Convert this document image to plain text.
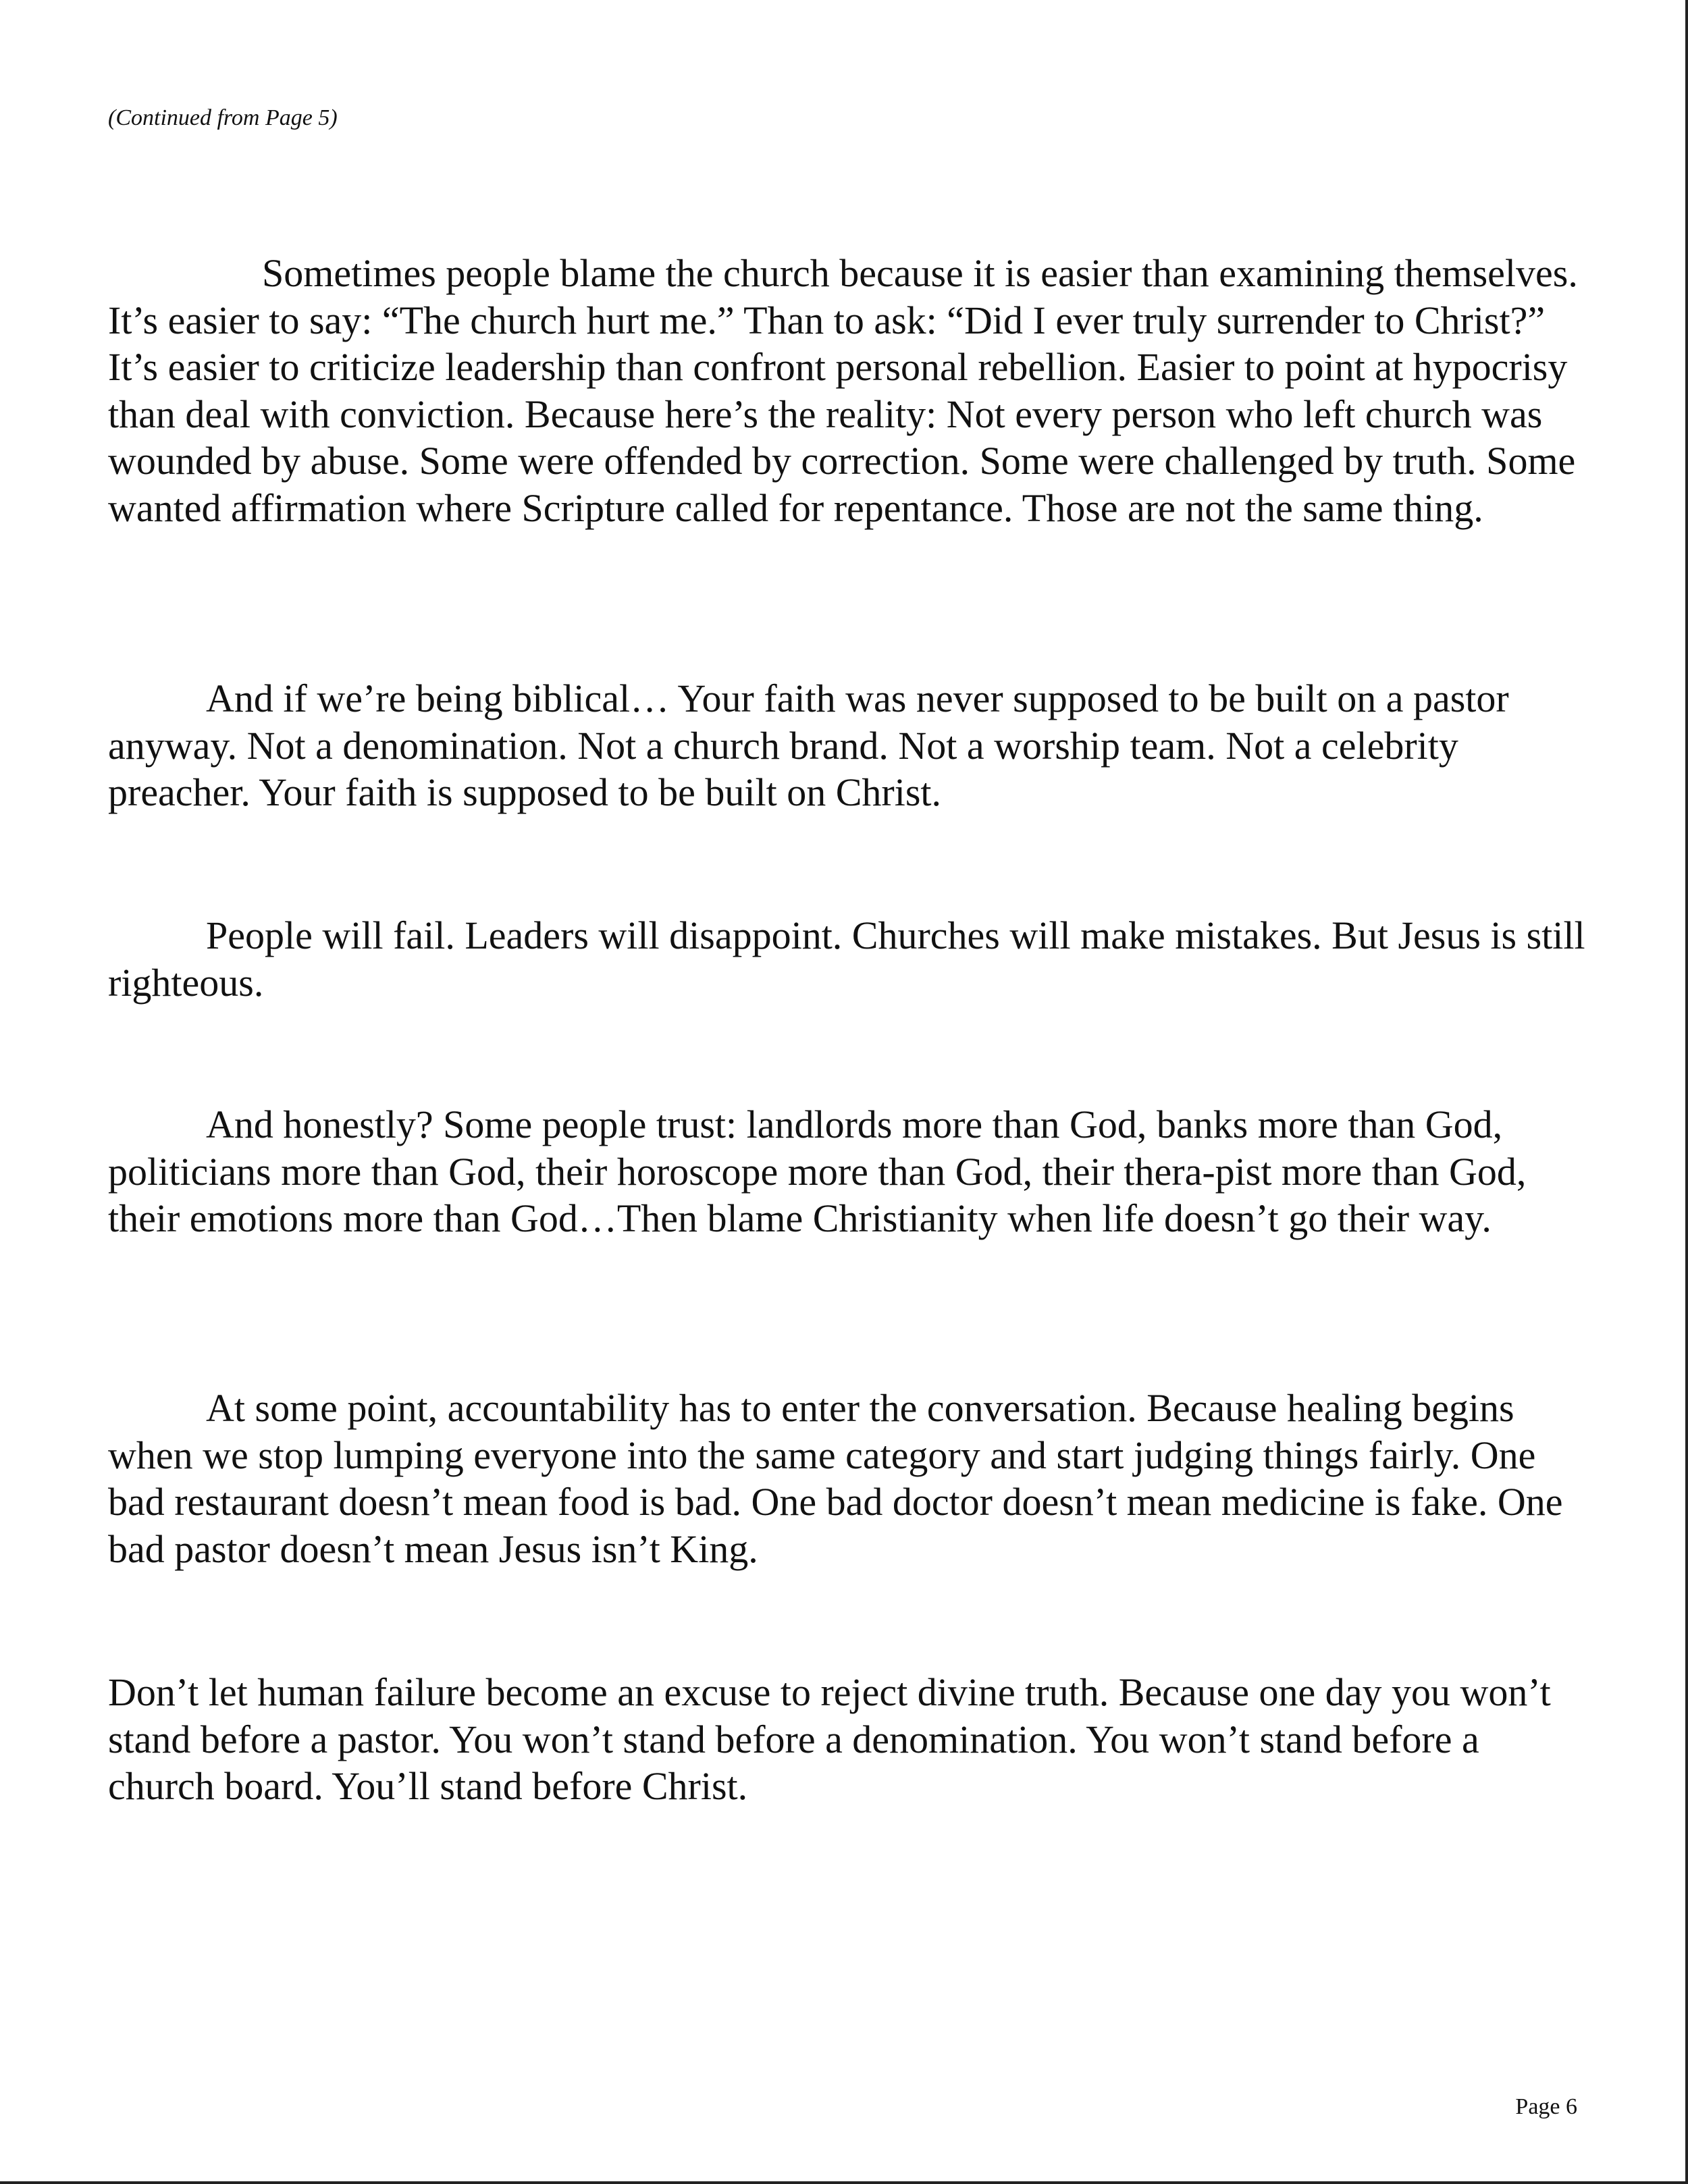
(Continued from Page 5)

Sometimes people blame the church because it is easier than examining themselves. It’s easier to say: “The church hurt me.” Than to ask: “Did I ever truly surrender to Christ?” It’s easier to criticize leadership than confront personal rebellion. Easier to point at hypocrisy than deal with conviction. Because here’s the reality: Not every person who left church was wounded by abuse. Some were offended by correction. Some were challenged by truth. Some wanted affirmation where Scripture called for repentance. Those are not the same thing.

And if we’re being biblical… Your faith was never supposed to be built on a pastor anyway. Not a denomination. Not a church brand. Not a worship team. Not a celebrity preacher. Your faith is supposed to be built on Christ.

People will fail. Leaders will disappoint. Churches will make mistakes. But Jesus is still righteous.

And honestly? Some people trust: landlords more than God, banks more than God, politicians more than God, their horoscope more than God, their thera-pist more than God, their emotions more than God…Then blame Christianity when life doesn’t go their way.

At some point, accountability has to enter the conversation. Because healing begins when we stop lumping everyone into the same category and start judging things fairly. One bad restaurant doesn’t mean food is bad. One bad doctor doesn’t mean medicine is fake. One bad pastor doesn’t mean Jesus isn’t King.

Don’t let human failure become an excuse to reject divine truth. Because one day you won’t stand before a pastor. You won’t stand before a denomination. You won’t stand before a church board. You’ll stand before Christ.

Page 6
